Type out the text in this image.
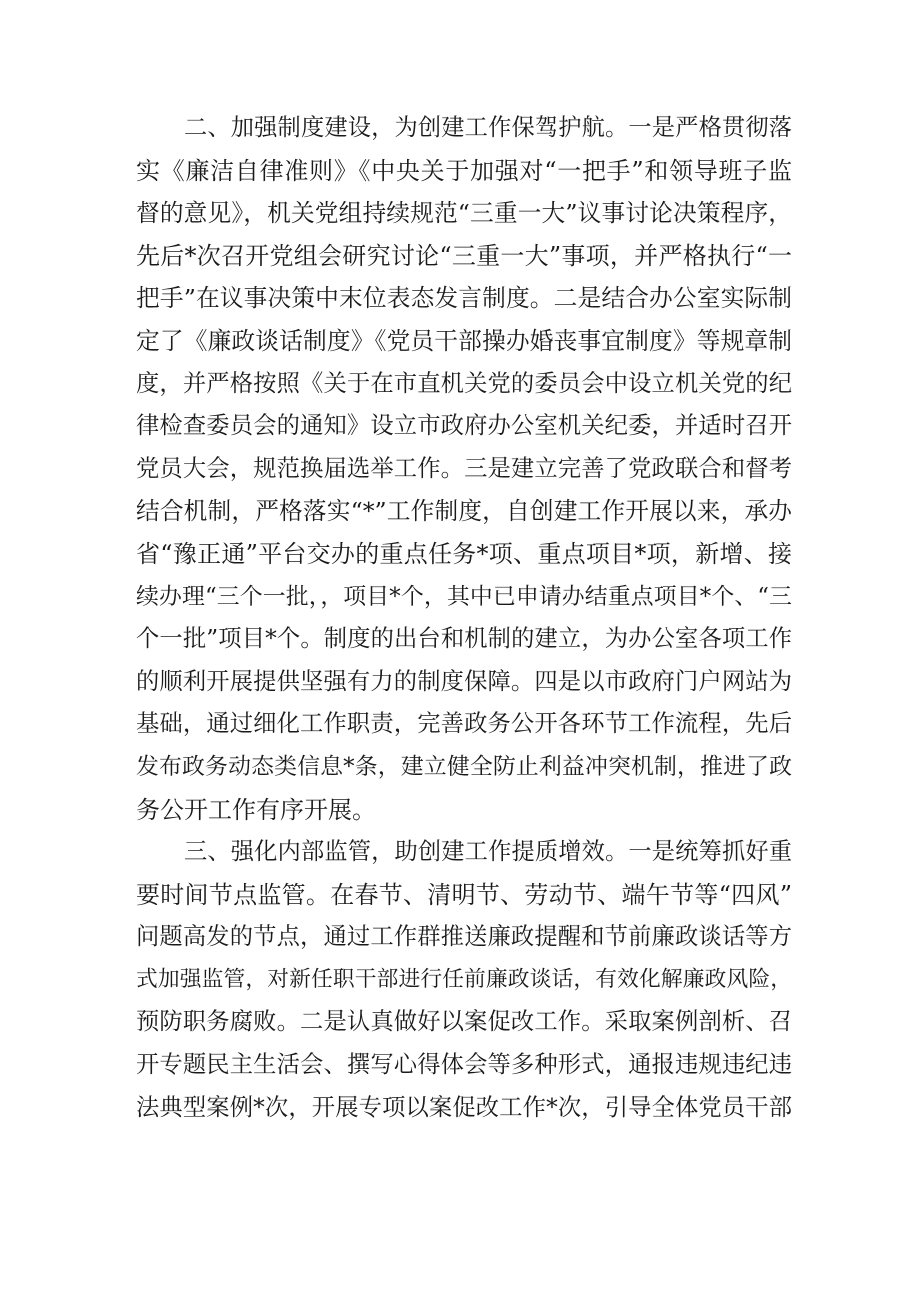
二、加强制度建设，为创建工作保驾护航。一是严格贯彻落
实《廉洁自律准则》《中央关于加强对“一把手”和领导班子监
督的意见》，机关党组持续规范“三重一大”议事讨论决策程序，
先后*次召开党组会研究讨论“三重一大”事项，并严格执行“一
把手”在议事决策中末位表态发言制度。二是结合办公室实际制
定了《廉政谈话制度》《党员干部操办婚丧事宜制度》等规章制
度，并严格按照《关于在市直机关党的委员会中设立机关党的纪
律检查委员会的通知》设立市政府办公室机关纪委，并适时召开
党员大会，规范换届选举工作。三是建立完善了党政联合和督考
结合机制，严格落实“*”工作制度，自创建工作开展以来，承办
省“豫正通”平台交办的重点任务*项、重点项目*项，新增、接
续办理“三个一批，，项目*个，其中已申请办结重点项目*个、“三
个一批”项目*个。制度的出台和机制的建立，为办公室各项工作
的顺利开展提供坚强有力的制度保障。四是以市政府门户网站为
基础，通过细化工作职责，完善政务公开各环节工作流程，先后
发布政务动态类信息*条，建立健全防止利益冲突机制，推进了政
务公开工作有序开展。
三、强化内部监管，助创建工作提质增效。一是统筹抓好重
要时间节点监管。在春节、清明节、劳动节、端午节等“四风”
问题高发的节点，通过工作群推送廉政提醒和节前廉政谈话等方
式加强监管，对新任职干部进行任前廉政谈话，有效化解廉政风险，
预防职务腐败。二是认真做好以案促改工作。采取案例剖析、召
开专题民主生活会、撰写心得体会等多种形式，通报违规违纪违
法典型案例*次，开展专项以案促改工作*次，引导全体党员干部
